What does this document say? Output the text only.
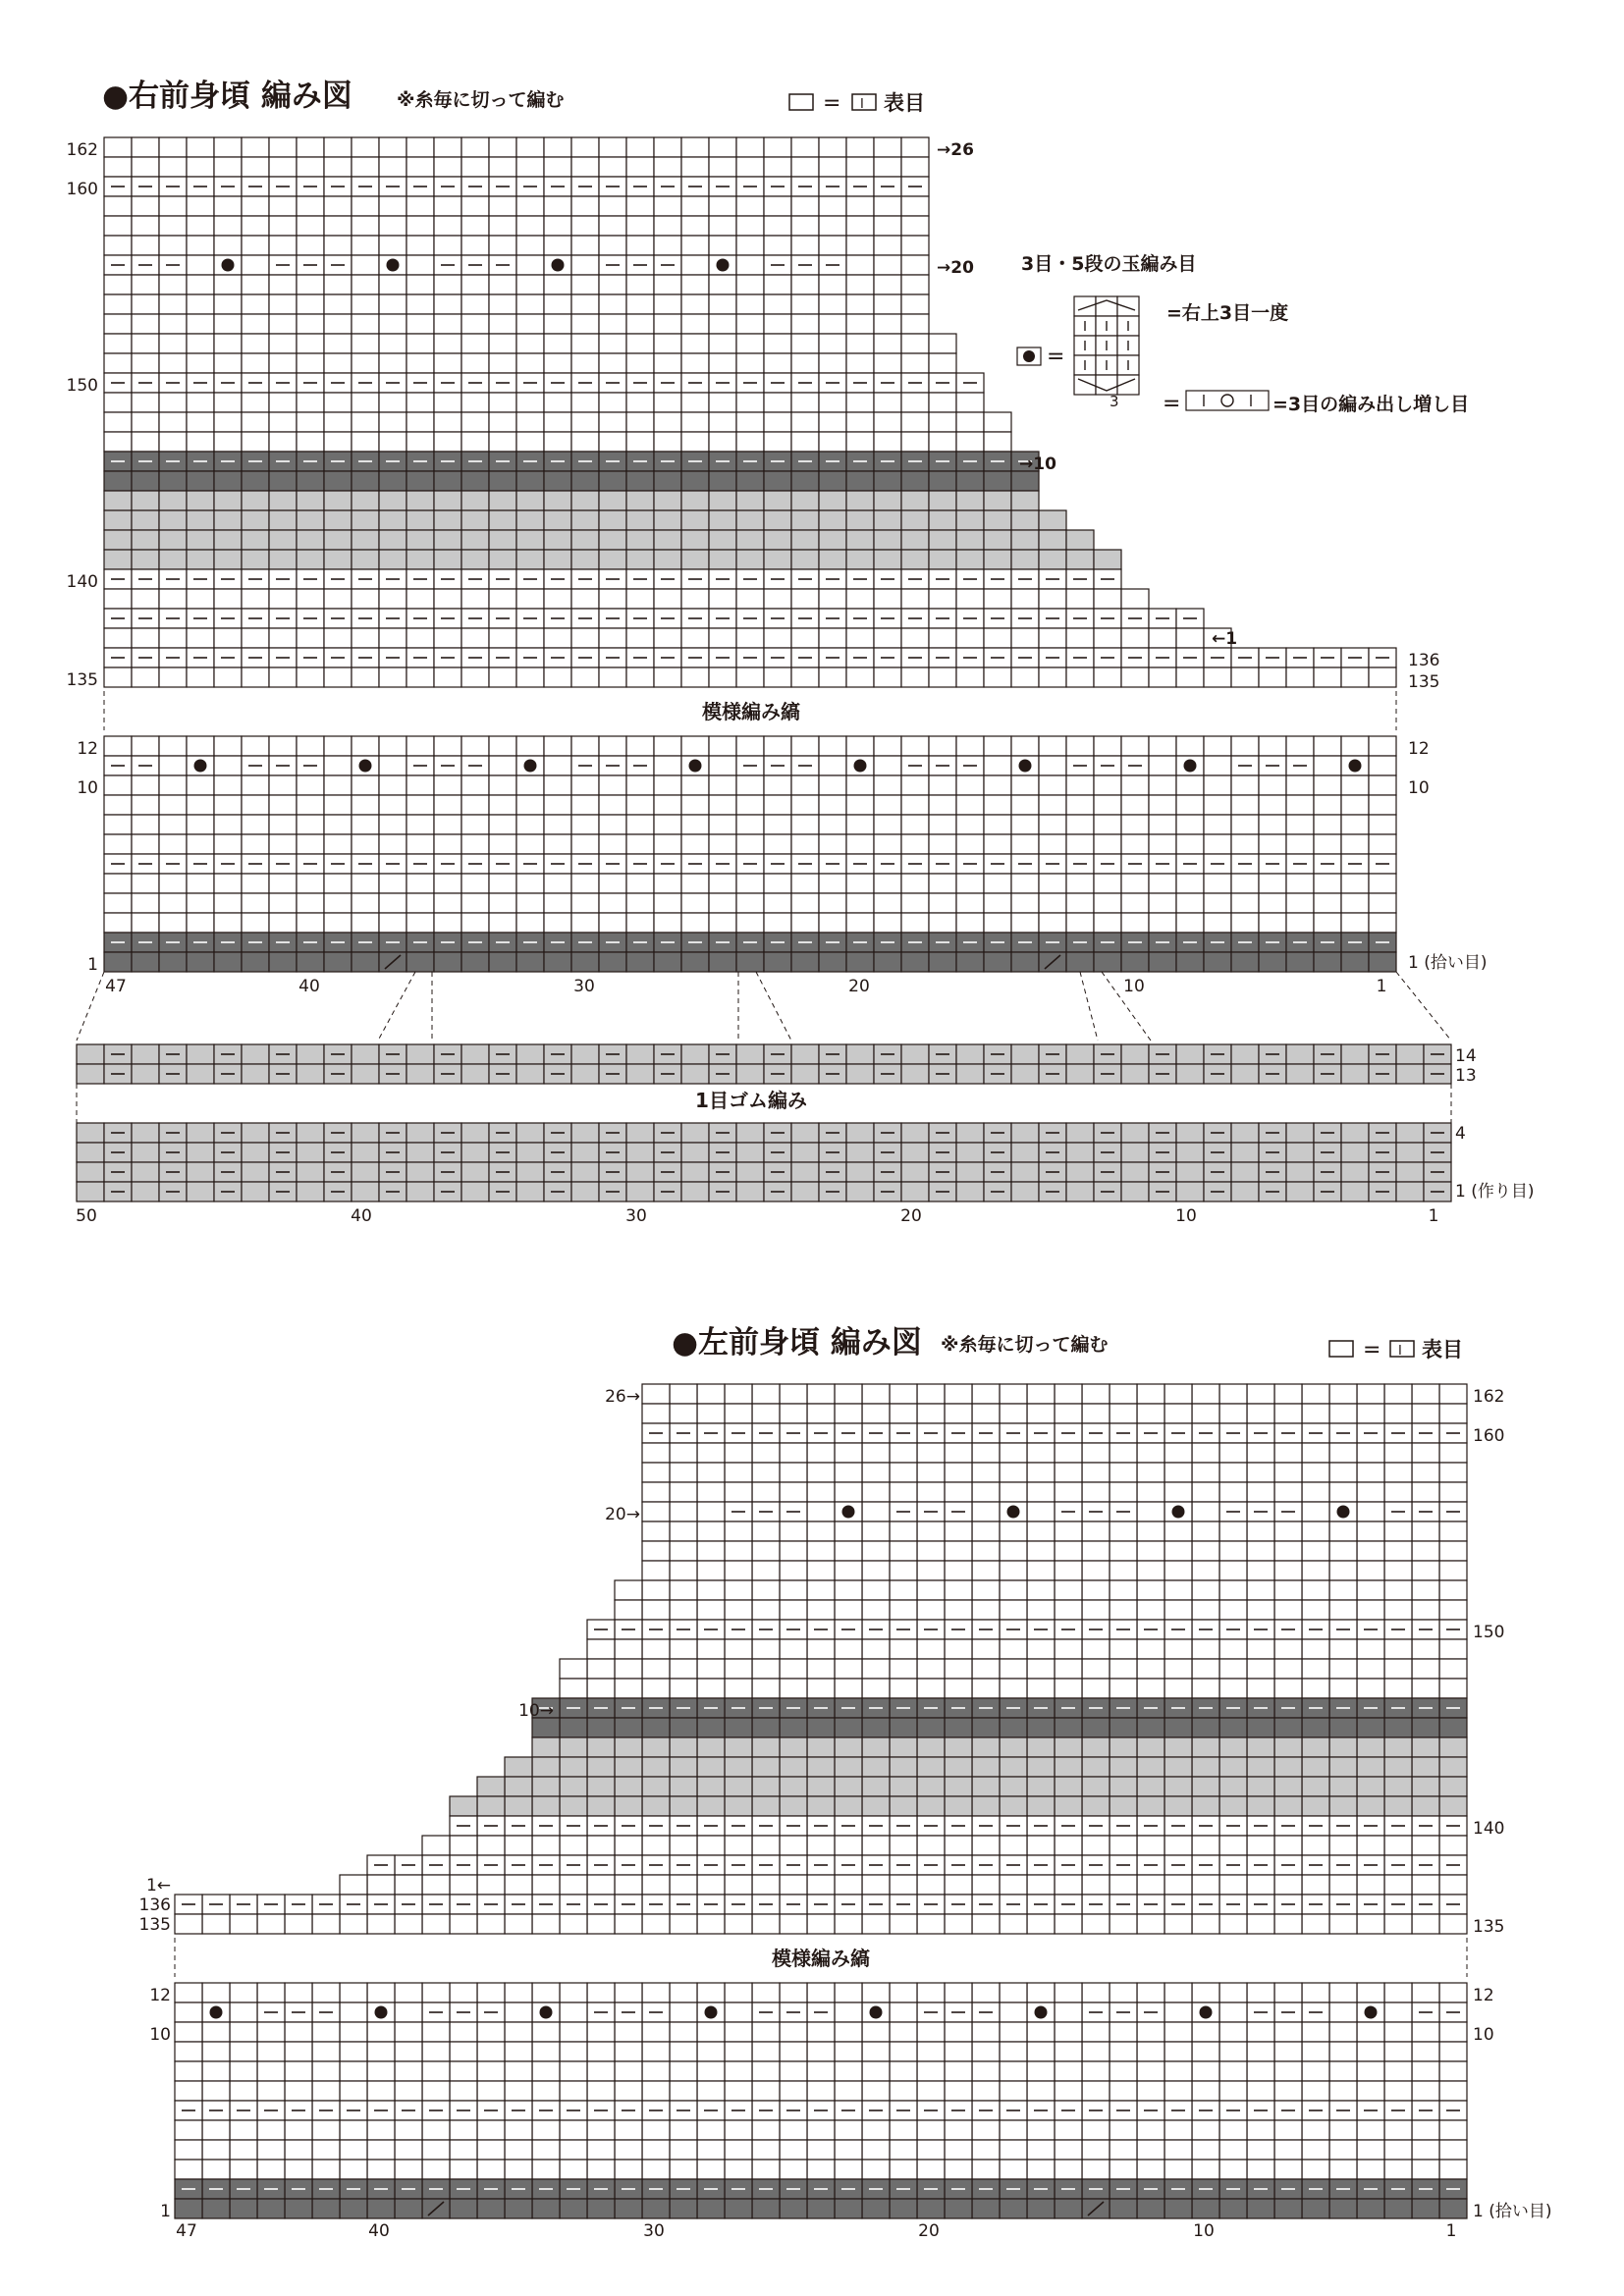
●右前身頃 編み図 ※糸毎に切って編む	= I 表目
162
160
150
140
136
135	135
→26
→20
→10
←1
3目・5段の玉編み目
=
=右上3目一度
=	=3目の編み出し増し目
3
模様編み縞
12
10
1
12
10
1 (拾い目)
47	40	30	20	10	1
14
13
1目ゴム編み
4
1 (作り目)
50	40	30	20	10	1
●左前身頃 編み図 ※糸毎に切って編む	= I 表目
162
160
150
140
135
26→
20→
10→
1←
136
135
模様編み縞
12
10
1
12
10
1 (拾い目)
47	40	30	20	10	1
